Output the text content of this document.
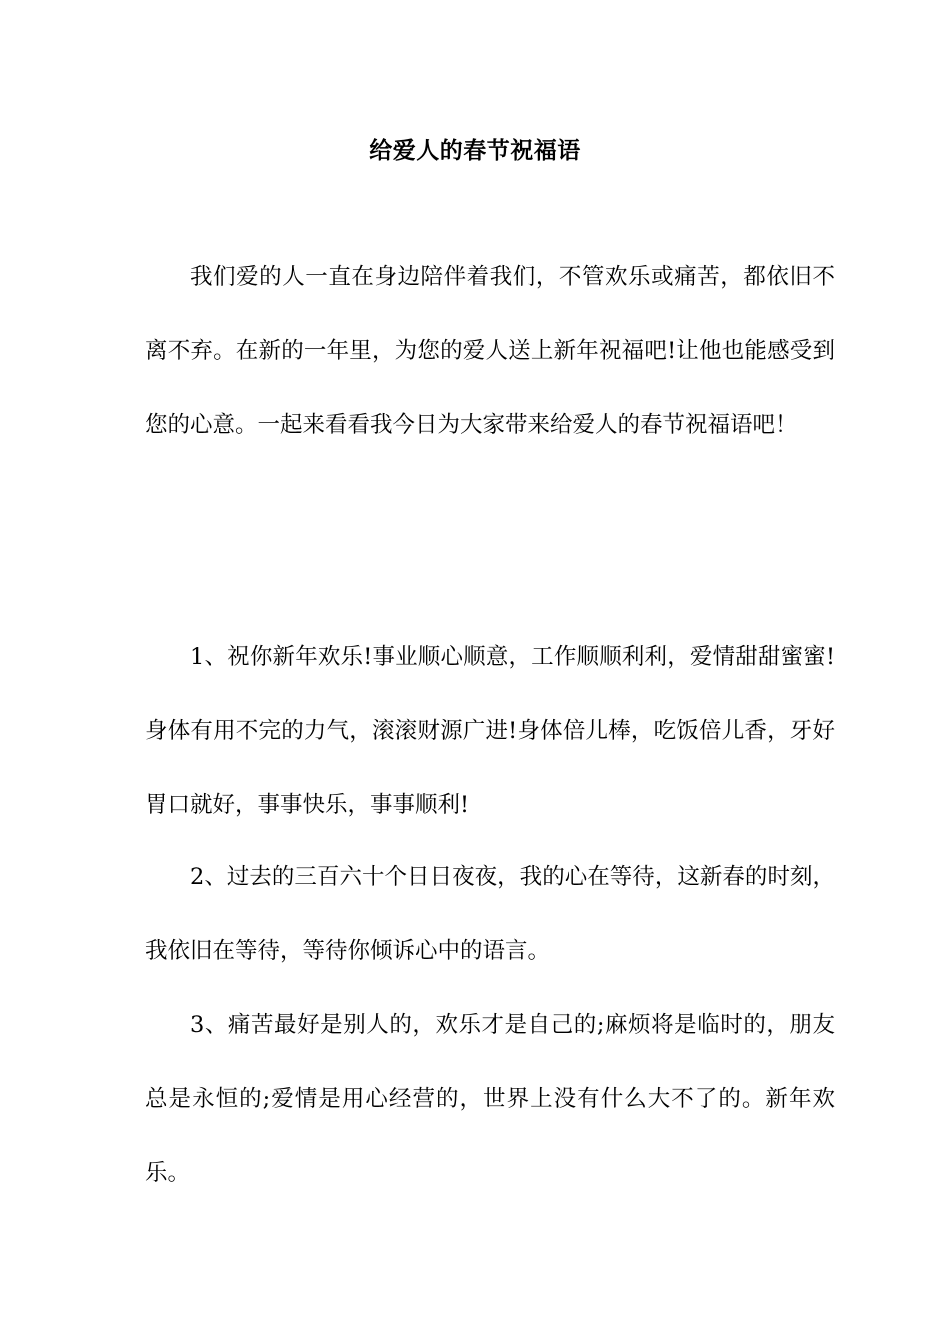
给爱人的春节祝福语

我们爱的人一直在身边陪伴着我们，不管欢乐或痛苦，都依旧不离不弃。在新的一年里，为您的爱人送上新年祝福吧!让他也能感受到您的心意。一起来看看我今日为大家带来给爱人的春节祝福语吧！

1、祝你新年欢乐!事业顺心顺意，工作顺顺利利，爱情甜甜蜜蜜!身体有用不完的力气，滚滚财源广进!身体倍儿棒，吃饭倍儿香，牙好胃口就好，事事快乐，事事顺利!

2、过去的三百六十个日日夜夜，我的心在等待，这新春的时刻，我依旧在等待，等待你倾诉心中的语言。

3、痛苦最好是别人的，欢乐才是自己的;麻烦将是临时的，朋友总是永恒的;爱情是用心经营的，世界上没有什么大不了的。新年欢乐。
